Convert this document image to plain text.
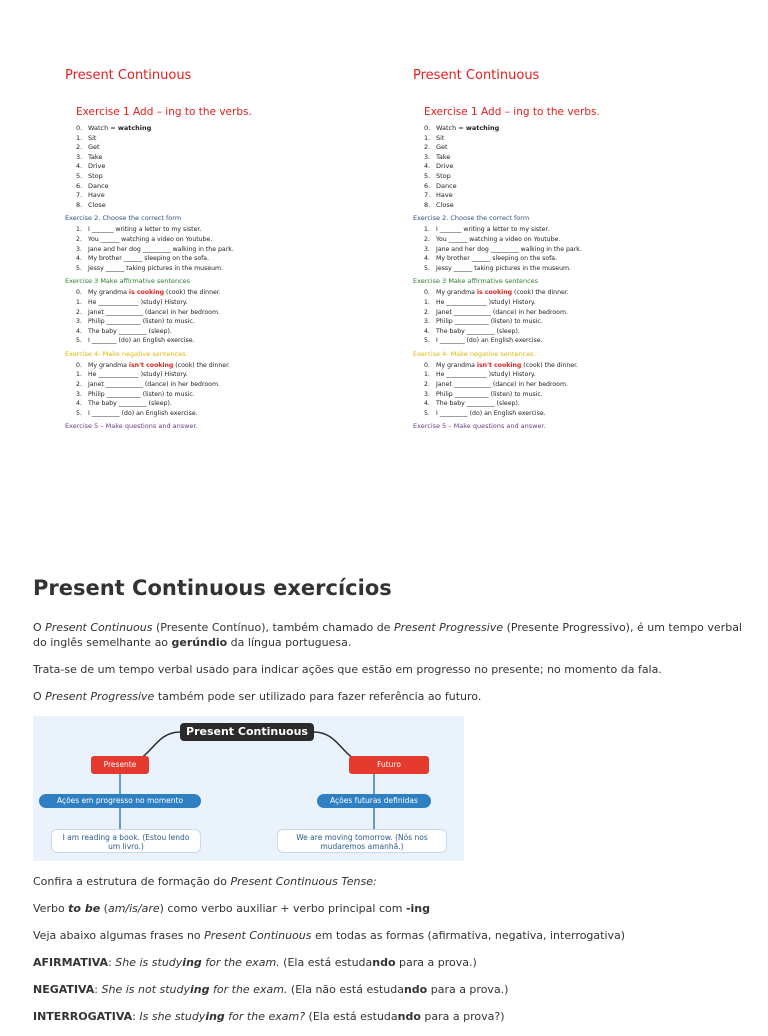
Present Continuous
Exercise 1 Add – ing to the verbs.
0. Watch = watching
1. Sit
2. Get
3. Take
4. Drive
5. Stop
6. Dance
7. Have
8. Close
Exercise 2. Choose the correct form
1. I _______ writing a letter to my sister.
2. You ______ watching a video on Youtube.
3. Jane and her dog _________ walking in the park.
4. My brother ______ sleeping on the sofa.
5. Jessy ______ taking pictures in the museum.
Exercise 3 Make affirmative sentences
0. My grandma is cooking (cook) the dinner.
1. He _____________ )study) History.
2. Janet ____________ (dance) in her bedroom.
3. Philip ___________ (listen) to music.
4. The baby _________ (sleep).
5. I ________ (do) an English exercise.
Exercise 4- Make negative sentences.
0. My grandma isn't cooking (cook) the dinner.
1. He _____________ )study) History.
2. Janet ____________ (dance) in her bedroom.
3. Philip ___________ (listen) to music.
4. The baby _________ (sleep).
5. I _________ (do) an English exercise.
Exercise 5 – Make questions and answer.
Present Continuous
Exercise 1 Add – ing to the verbs.
0. Watch = watching
1. Sit
2. Get
3. Take
4. Drive
5. Stop
6. Dance
7. Have
8. Close
Exercise 2. Choose the correct form
1. I _______ writing a letter to my sister.
2. You ______ watching a video on Youtube.
3. Jane and her dog _________ walking in the park.
4. My brother ______ sleeping on the sofa.
5. Jessy ______ taking pictures in the museum.
Exercise 3 Make affirmative sentences
0. My grandma is cooking (cook) the dinner.
1. He _____________ )study) History.
2. Janet ____________ (dance) in her bedroom.
3. Philip ___________ (listen) to music.
4. The baby _________ (sleep).
5. I ________ (do) an English exercise.
Exercise 4- Make negative sentences.
0. My grandma isn't cooking (cook) the dinner.
1. He _____________ )study) History.
2. Janet ____________ (dance) in her bedroom.
3. Philip ___________ (listen) to music.
4. The baby _________ (sleep).
5. I _________ (do) an English exercise.
Exercise 5 – Make questions and answer.
Present Continuous exercícios

O Present Continuous (Presente Contínuo), também chamado de Present Progressive (Presente Progressivo), é um tempo verbal do inglês semelhante ao gerúndio da língua portuguesa.

Trata-se de um tempo verbal usado para indicar ações que estão em progresso no presente; no momento da fala.

O Present Progressive também pode ser utilizado para fazer referência ao futuro.

Present Continuous
Presente	Futuro
Ações em progresso no momento	Ações futuras definidas
I am reading a book. (Estou lendo um livro.)
We are moving tomorrow. (Nós nos mudaremos amanhã.)

Confira a estrutura de formação do Present Continuous Tense:

Verbo to be (am/is/are) como verbo auxiliar + verbo principal com -ing

Veja abaixo algumas frases no Present Continuous em todas as formas (afirmativa, negativa, interrogativa)

AFIRMATIVA: She is studying for the exam. (Ela está estudando para a prova.)

NEGATIVA: She is not studying for the exam. (Ela não está estudando para a prova.)

INTERROGATIVA: Is she studying for the exam? (Ela está estudando para a prova?)
